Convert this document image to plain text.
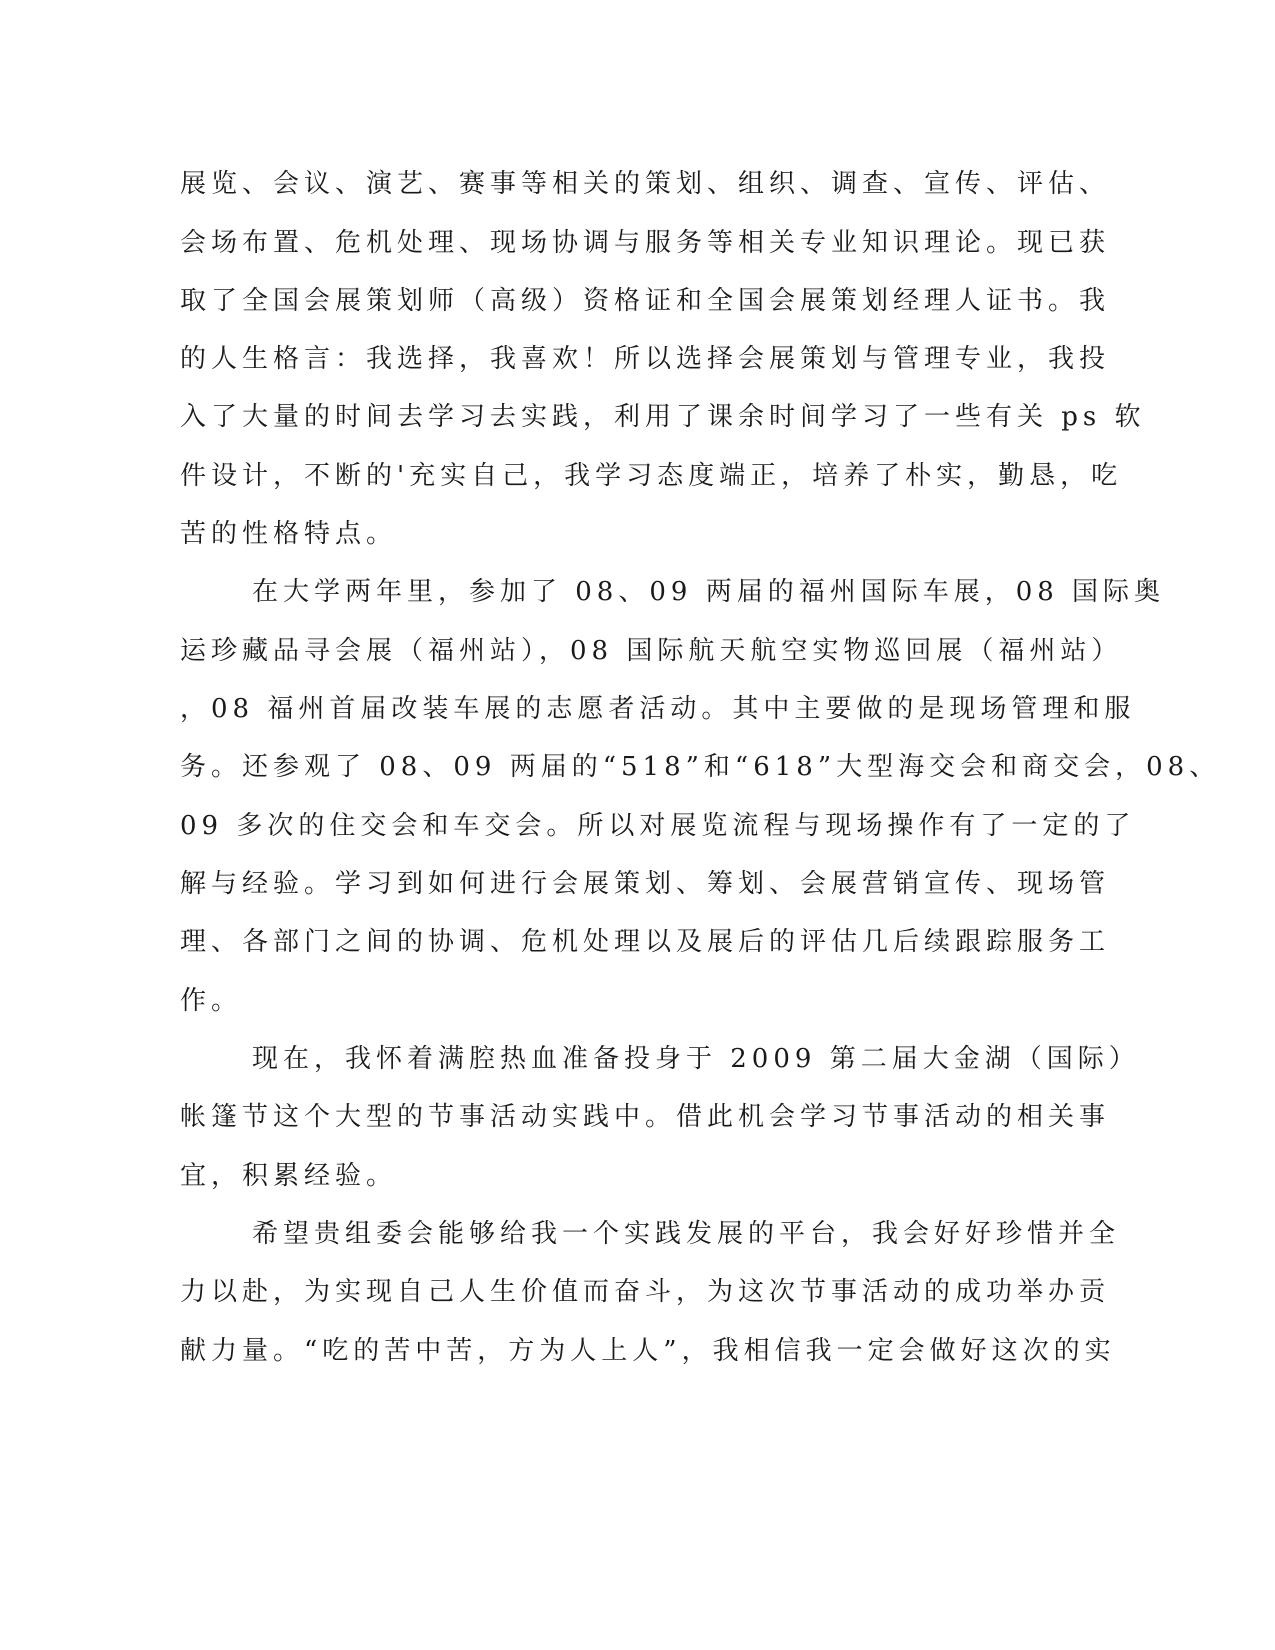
展览、会议、演艺、赛事等相关的策划、组织、调查、宣传、评估、
会场布置、危机处理、现场协调与服务等相关专业知识理论。现已获
取了全国会展策划师（高级）资格证和全国会展策划经理人证书。我
的人生格言：我选择，我喜欢！所以选择会展策划与管理专业，我投
入了大量的时间去学习去实践，利用了课余时间学习了一些有关 ps 软
件设计，不断的'充实自己，我学习态度端正，培养了朴实，勤恳，吃
苦的性格特点。
在大学两年里，参加了 08、09 两届的福州国际车展，08 国际奥
运珍藏品寻会展（福州站），08 国际航天航空实物巡回展（福州站）
，08 福州首届改装车展的志愿者活动。其中主要做的是现场管理和服
务。还参观了 08、09 两届的“518”和“618”大型海交会和商交会，08、
09 多次的住交会和车交会。所以对展览流程与现场操作有了一定的了
解与经验。学习到如何进行会展策划、筹划、会展营销宣传、现场管
理、各部门之间的协调、危机处理以及展后的评估几后续跟踪服务工
作。
现在，我怀着满腔热血准备投身于 2009 第二届大金湖（国际）
帐篷节这个大型的节事活动实践中。借此机会学习节事活动的相关事
宜，积累经验。
希望贵组委会能够给我一个实践发展的平台，我会好好珍惜并全
力以赴，为实现自己人生价值而奋斗，为这次节事活动的成功举办贡
献力量。“吃的苦中苦，方为人上人”，我相信我一定会做好这次的实
